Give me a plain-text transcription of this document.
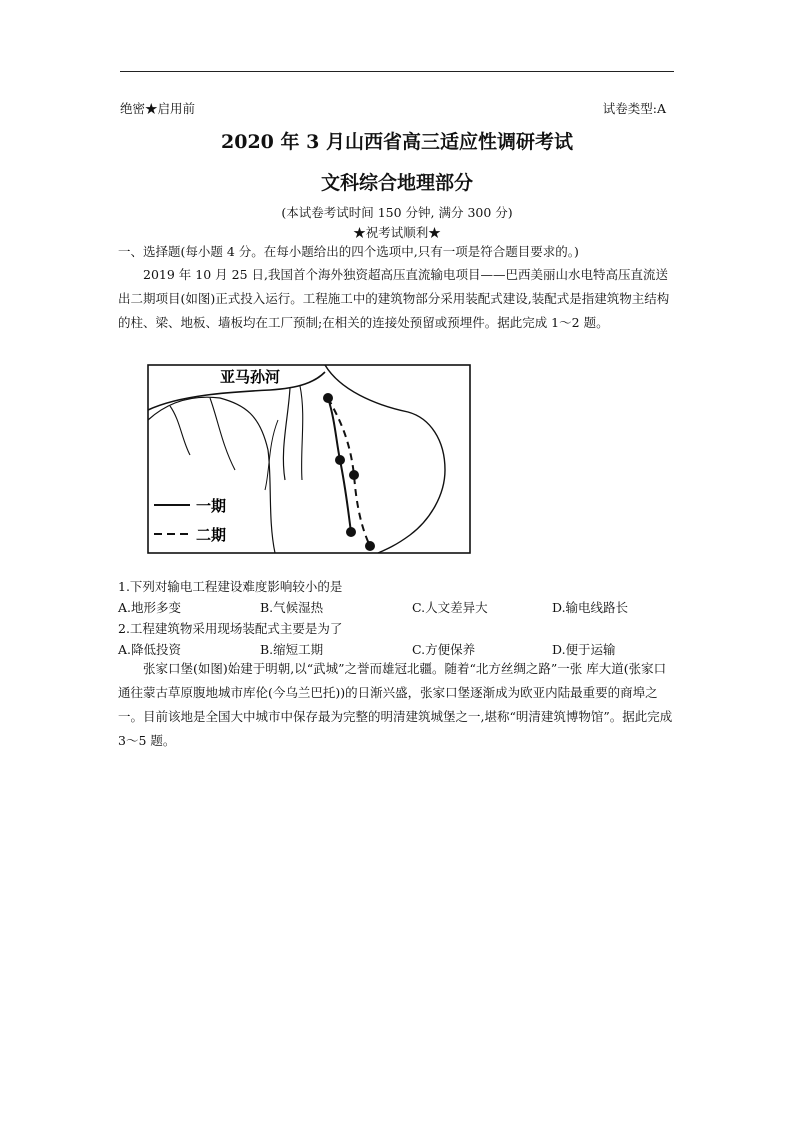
绝密★启用前	试卷类型:A
2020 年 3 月山西省高三适应性调研考试
文科综合地理部分
(本试卷考试时间 150 分钟, 满分 300 分)
★祝考试顺利★
一、选择题(每小题 4 分。在每小题给出的四个选项中,只有一项是符合题目要求的。)

2019 年 10 月 25 日,我国首个海外独资超高压直流输电项目——巴西美丽山水电特高压直流送出二期项目(如图)正式投入运行。工程施工中的建筑物部分采用装配式建设,装配式是指建筑物主结构的柱、梁、地板、墙板均在工厂预制;在相关的连接处预留或预埋件。据此完成 1～2 题。

亚马孙河
一期
二期
1.下列对输电工程建设难度影响较小的是
A.地形多变	B.气候湿热	C.人文差异大	D.输电线路长
2.工程建筑物采用现场装配式主要是为了
A.降低投资	B.缩短工期	C.方便保养	D.便于运输

张家口堡(如图)始建于明朝,以“武城”之誉而雄冠北疆。随着“北方丝绸之路”一张 库大道(张家口通往蒙古草原腹地城市库伦(今乌兰巴托))的日渐兴盛，张家口堡逐渐成为欧亚内陆最重要的商埠之一。目前该地是全国大中城市中保存最为完整的明清建筑城堡之一,堪称“明清建筑博物馆”。据此完成 3～5 题。
